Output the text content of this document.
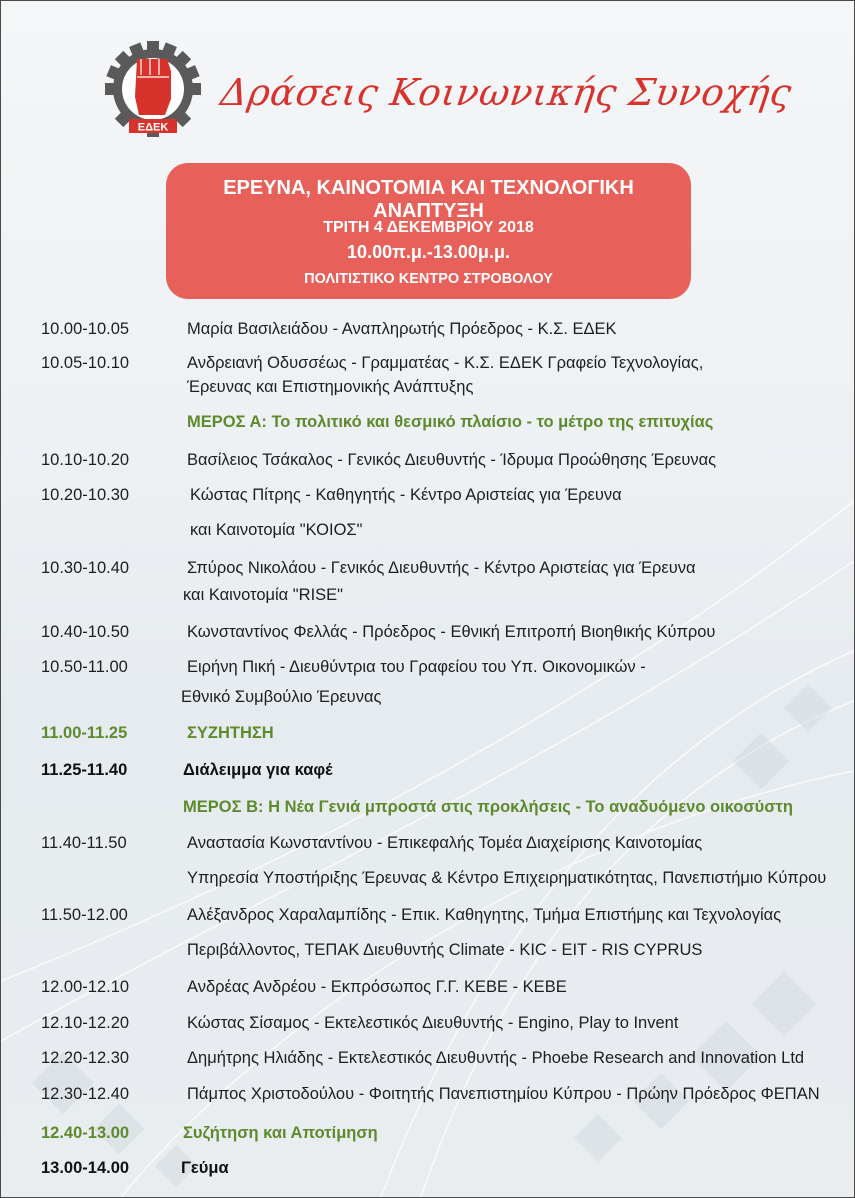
ΕΔΕΚ
Δράσεις Κοινωνικής Συνοχής
ΕΡΕΥΝΑ, ΚΑΙΝΟΤΟΜΙΑ ΚΑΙ ΤΕΧΝΟΛΟΓΙΚΗ ΑΝΑΠΤΥΞΗ
ΤΡΙΤΗ 4 ΔΕΚΕΜΒΡΙΟΥ 2018
10.00π.μ.-13.00μ.μ.
ΠΟΛΙΤΙΣΤΙΚΟ ΚΕΝΤΡΟ ΣΤΡΟΒΟΛΟΥ
10.00-10.05	Μαρία Βασιλειάδου - Αναπληρωτής Πρόεδρος - Κ.Σ. ΕΔΕΚ
10.05-10.10	Ανδρειανή Οδυσσέως - Γραμματέας - Κ.Σ. ΕΔΕΚ Γραφείο Τεχνολογίας,
Έρευνας και Επιστημονικής Ανάπτυξης
ΜΕΡΟΣ Α: Το πολιτικό και θεσμικό πλαίσιο - το μέτρο της επιτυχίας
10.10-10.20	Βασίλειος Τσάκαλος - Γενικός Διευθυντής - Ίδρυμα Προώθησης Έρευνας
10.20-10.30	Κώστας Πίτρης - Καθηγητής - Κέντρο Αριστείας για Έρευνα
και Καινοτομία "ΚΟΙΟΣ"
10.30-10.40	Σπύρος Νικολάου - Γενικός Διευθυντής - Κέντρο Αριστείας για Έρευνα
και Καινοτομία "RISE"
10.40-10.50	Κωνσταντίνος Φελλάς - Πρόεδρος - Εθνική Επιτροπή Βιοηθικής Κύπρου
10.50-11.00	Ειρήνη Πική - Διευθύντρια του Γραφείου του Υπ. Οικονομικών -
Εθνικό Συμβούλιο Έρευνας
11.00-11.25	ΣΥΖΗΤΗΣΗ
11.25-11.40	Διάλειμμα για καφέ
ΜΕΡΟΣ Β: Η Νέα Γενιά μπροστά στις προκλήσεις - Το αναδυόμενο οικοσύστη
11.40-11.50	Αναστασία Κωνσταντίνου - Επικεφαλής Τομέα Διαχείρισης Καινοτομίας
Υπηρεσία Υποστήριξης Έρευνας & Κέντρο Επιχειρηματικότητας, Πανεπιστήμιο Κύπρου
11.50-12.00	Αλέξανδρος Χαραλαμπίδης - Επικ. Καθηγητης, Τμήμα Επιστήμης και Τεχνολογίας
Περιβάλλοντος, ΤΕΠΑΚ Διευθυντής Climate - KIC - EIT - RIS CYPRUS
12.00-12.10	Ανδρέας Ανδρέου - Εκπρόσωπος Γ.Γ. ΚΕΒΕ - ΚΕΒΕ
12.10-12.20	Κώστας Σίσαμος - Εκτελεστικός Διευθυντής - Engino, Play to Invent
12.20-12.30	Δημήτρης Ηλιάδης - Εκτελεστικός Διευθυντής - Phoebe Research and Innovation Ltd
12.30-12.40	Πάμπος Χριστοδούλου - Φοιτητής Πανεπιστημίου Κύπρου - Πρώην Πρόεδρος ΦΕΠΑΝ
12.40-13.00	Συζήτηση και Αποτίμηση
13.00-14.00	Γεύμα
